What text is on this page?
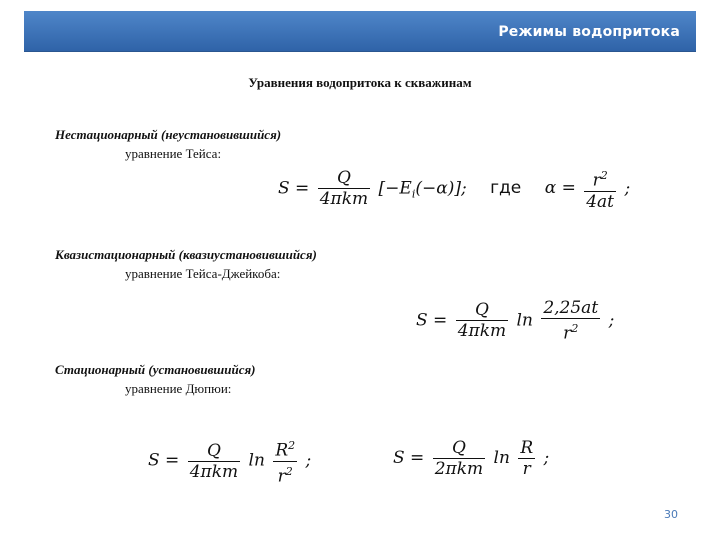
Режимы водопритока
Уравнения водопритока к скважинам
Нестационарный (неустановившийся)
уравнение Тейса:
$S = \frac{Q}{\text{4πkm}} [-E_i(-\alpha)]$; где $\alpha = \frac{r^2}{4at}$ ;
Квазистационарный (квазиустановившийся)
уравнение Тейса-Джейкоба:
$S = \frac{Q}{\text{4πkm}}$ $\ln \frac{2,25at}{r^2}$ ;
Стационарный (установившийся)
уравнение Дюпюи:
$S = \frac{Q}{\text{4πkm}}$ $\ln \frac{R^2}{r^2}$ ;	$S = \frac{Q}{\text{2πkm}}$ $\ln \frac{R}{r}$ ;
30
